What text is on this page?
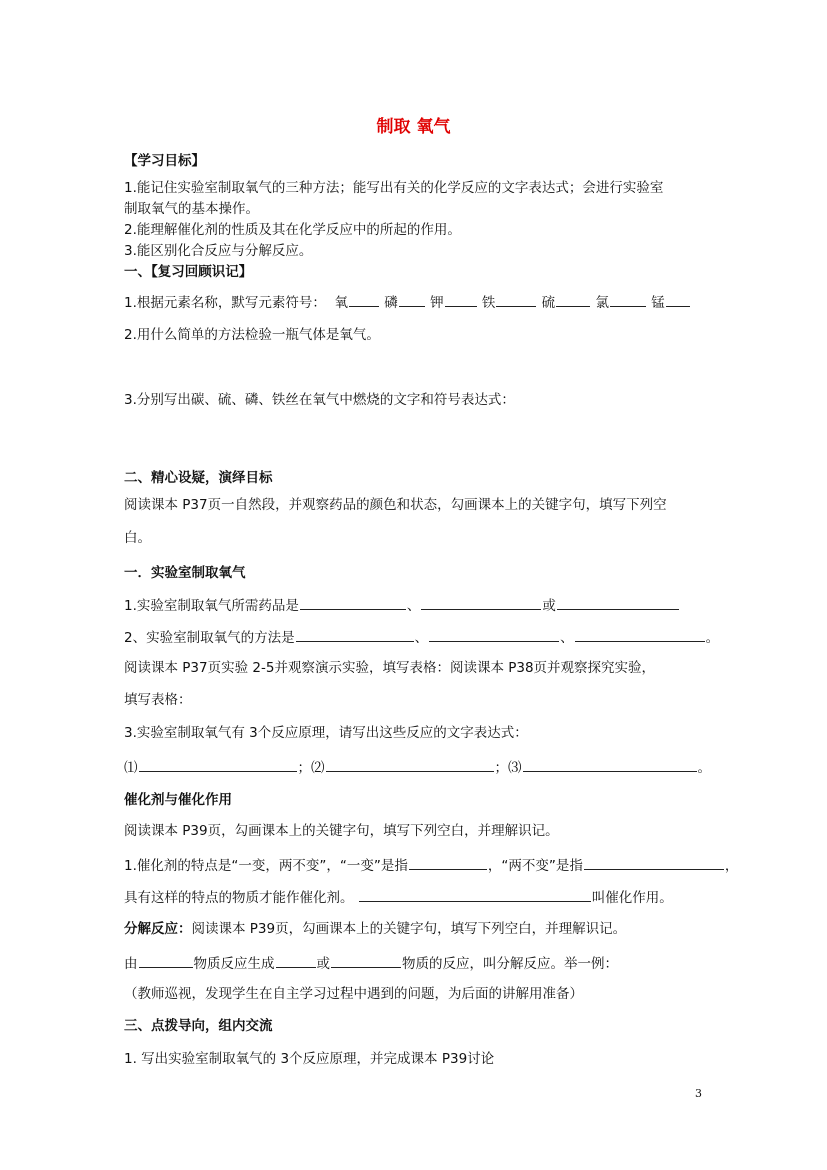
制取 氧气
【学习目标】
1.能记住实验室制取氧气的三种方法；能写出有关的化学反应的文字表达式；会进行实验室
制取氧气的基本操作。
2.能理解催化剂的性质及其在化学反应中的所起的作用。
3.能区别化合反应与分解反应。
一、【复习回顾识记】
1.根据元素名称，默写元素符号： 氧	磷 钾	铁	硫	氯	锰
2.用什么简单的方法检验一瓶气体是氧气。
3.分别写出碳、硫、磷、铁丝在氧气中燃烧的文字和符号表达式：
二、精心设疑，演绎目标
阅读课本 P37页一自然段，并观察药品的颜色和状态，勾画课本上的关键字句，填写下列空
白。
一．实验室制取氧气
1.实验室制取氧气所需药品是	、	或
2、实验室制取氧气的方法是	、	、	。
阅读课本 P37页实验 2-5并观察演示实验，填写表格：阅读课本 P38页并观察探究实验，
填写表格：
3.实验室制取氧气有 3个反应原理，请写出这些反应的文字表达式：
⑴	；⑵	；⑶	。
催化剂与催化作用
阅读课本 P39页，勾画课本上的关键字句，填写下列空白，并理解识记。
1.催化剂的特点是“一变，两不变”，“一变”是指	，“两不变”是指	，
具有这样的特点的物质才能作催化剂。	叫催化作用。
分解反应：阅读课本 P39页，勾画课本上的关键字句，填写下列空白，并理解识记。
由	物质反应生成	或	物质的反应，叫分解反应。举一例：
（教师巡视，发现学生在自主学习过程中遇到的问题，为后面的讲解用准备）
三、点拨导向，组内交流
1. 写出实验室制取氧气的 3个反应原理，并完成课本 P39讨论
3
